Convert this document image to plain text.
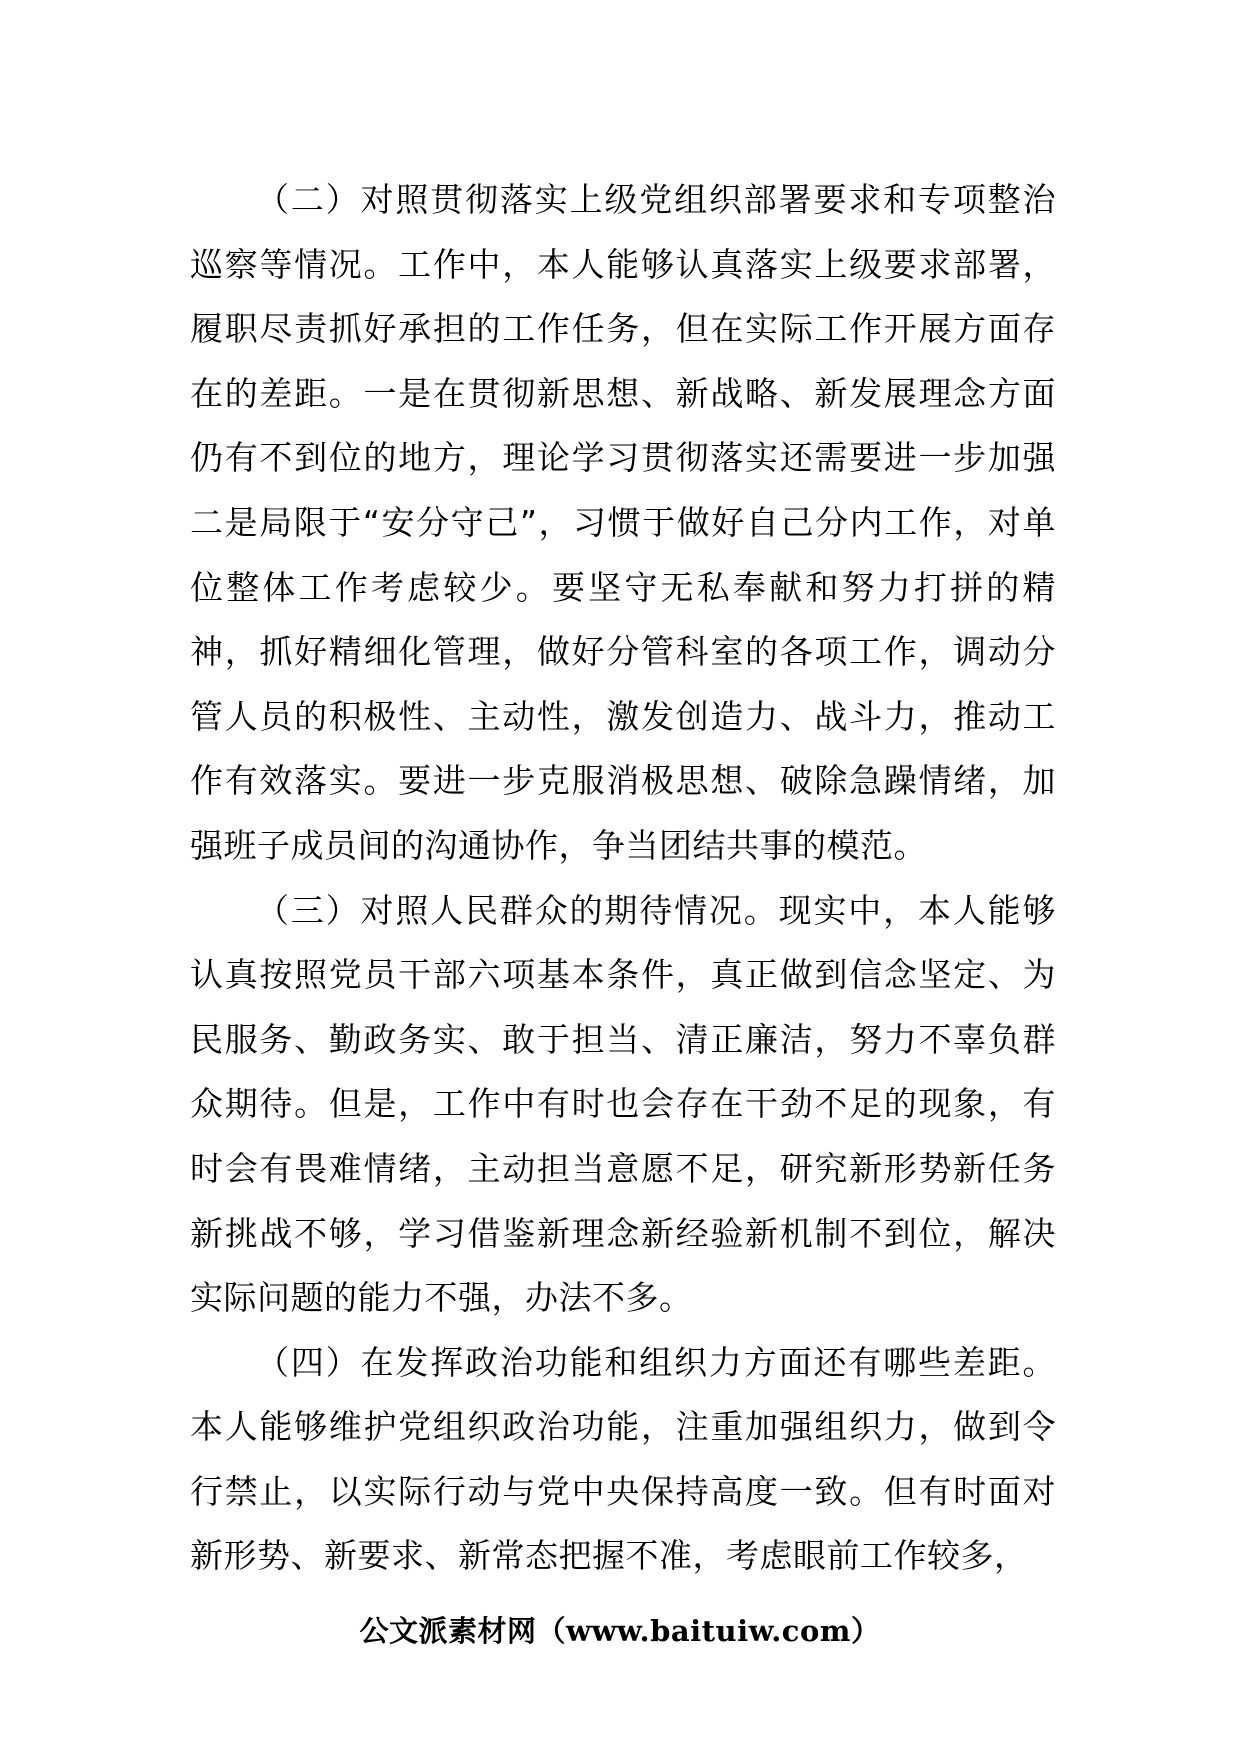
（二）对照贯彻落实上级党组织部署要求和专项整治巡察等情况。工作中，本人能够认真落实上级要求部署，履职尽责抓好承担的工作任务，但在实际工作开展方面存在的差距。一是在贯彻新思想、新战略、新发展理念方面仍有不到位的地方，理论学习贯彻落实还需要进一步加强二是局限于“安分守己”，习惯于做好自己分内工作，对单位整体工作考虑较少。要坚守无私奉献和努力打拼的精神，抓好精细化管理，做好分管科室的各项工作，调动分管人员的积极性、主动性，激发创造力、战斗力，推动工作有效落实。要进一步克服消极思想、破除急躁情绪，加强班子成员间的沟通协作，争当团结共事的模范。

（三）对照人民群众的期待情况。现实中，本人能够认真按照党员干部六项基本条件，真正做到信念坚定、为民服务、勤政务实、敢于担当、清正廉洁，努力不辜负群众期待。但是，工作中有时也会存在干劲不足的现象，有时会有畏难情绪，主动担当意愿不足，研究新形势新任务新挑战不够，学习借鉴新理念新经验新机制不到位，解决实际问题的能力不强，办法不多。

（四）在发挥政治功能和组织力方面还有哪些差距。本人能够维护党组织政治功能，注重加强组织力，做到令行禁止，以实际行动与党中央保持高度一致。但有时面对新形势、新要求、新常态把握不准，考虑眼前工作较多，

公文派素材网（www.baituiw.com）
